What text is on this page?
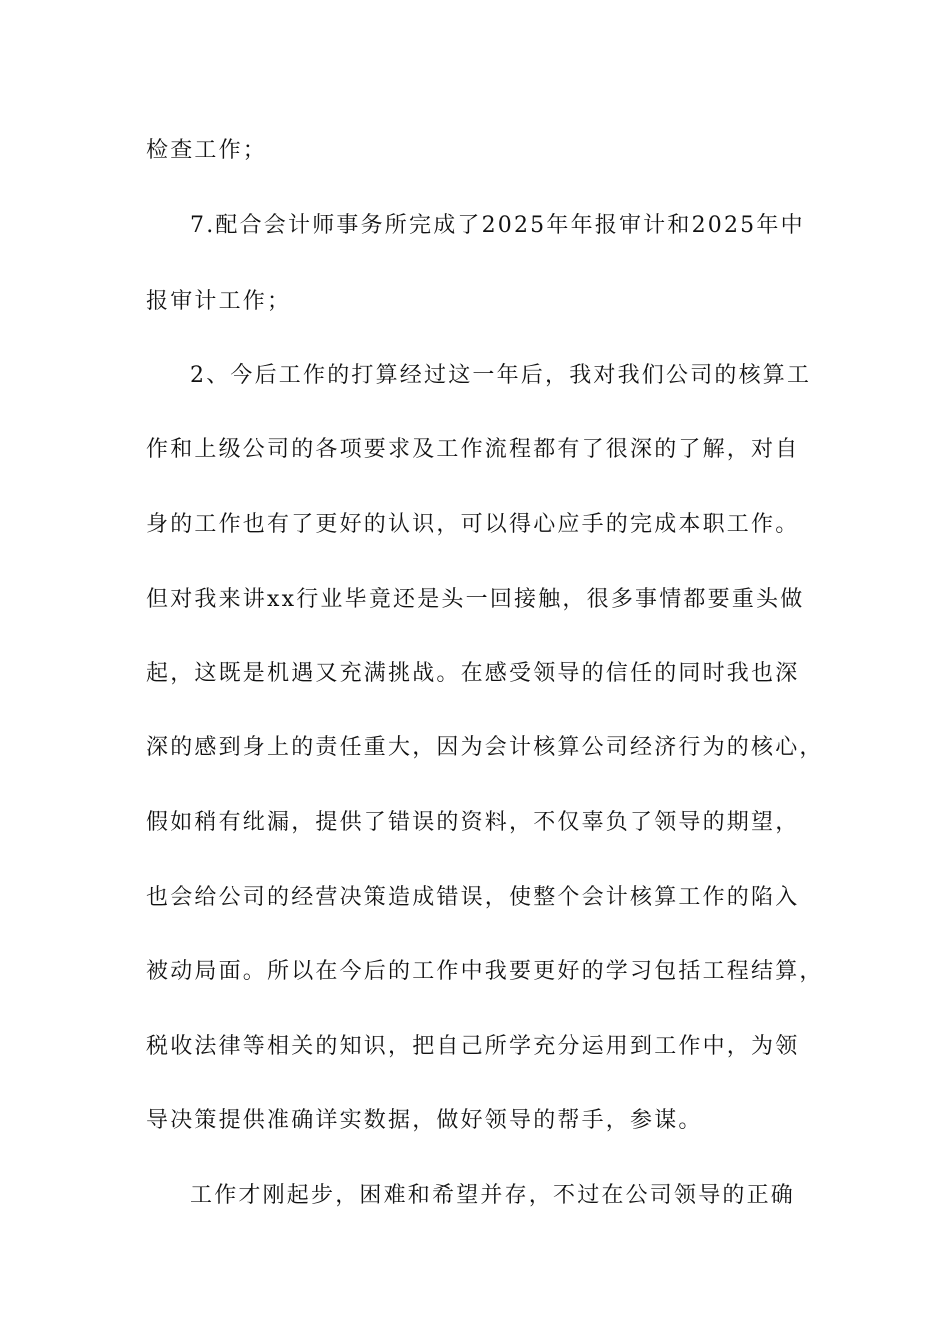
检查工作；
7.配合会计师事务所完成了2025年年报审计和2025年中
报审计工作；
2、今后工作的打算经过这一年后，我对我们公司的核算工
作和上级公司的各项要求及工作流程都有了很深的了解，对自
身的工作也有了更好的认识，可以得心应手的完成本职工作。
但对我来讲xx行业毕竟还是头一回接触，很多事情都要重头做
起，这既是机遇又充满挑战。在感受领导的信任的同时我也深
深的感到身上的责任重大，因为会计核算公司经济行为的核心，
假如稍有纰漏，提供了错误的资料，不仅辜负了领导的期望，
也会给公司的经营决策造成错误，使整个会计核算工作的陷入
被动局面。所以在今后的工作中我要更好的学习包括工程结算，
税收法律等相关的知识，把自己所学充分运用到工作中，为领
导决策提供准确详实数据，做好领导的帮手，参谋。
工作才刚起步，困难和希望并存，不过在公司领导的正确
